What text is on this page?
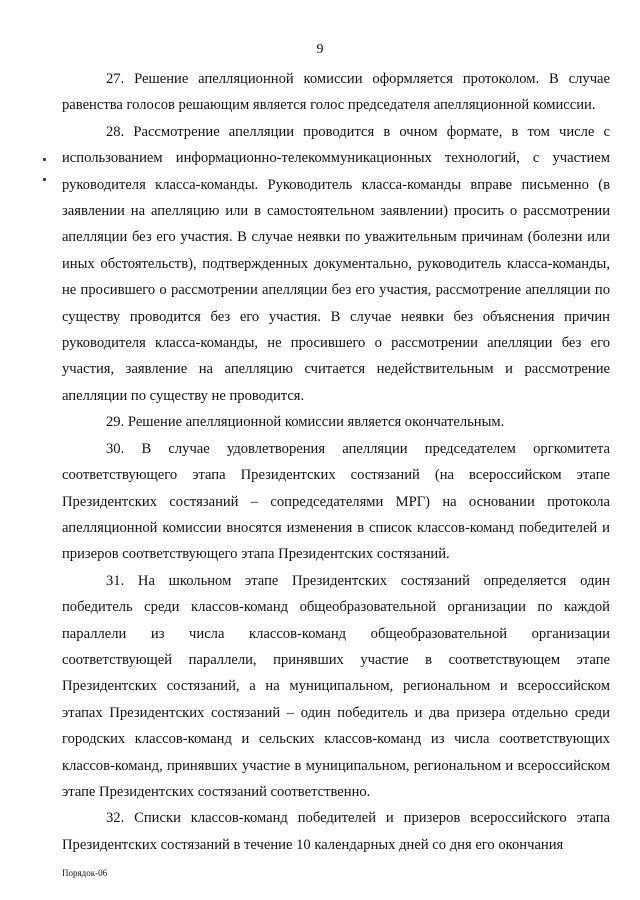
9

27. Решение апелляционной комиссии оформляется протоколом. В случае равенства голосов решающим является голос председателя апелляционной комиссии.

28. Рассмотрение апелляции проводится в очном формате, в том числе с использованием информационно-телекоммуникационных технологий, с участием руководителя класса-команды. Руководитель класса-команды вправе письменно (в заявлении на апелляцию или в самостоятельном заявлении) просить о рассмотрении апелляции без его участия. В случае неявки по уважительным причинам (болезни или иных обстоятельств), подтвержденных документально, руководитель класса-команды, не просившего о рассмотрении апелляции без его участия, рассмотрение апелляции по существу проводится без его участия. В случае неявки без объяснения причин руководителя класса-команды, не просившего о рассмотрении апелляции без его участия, заявление на апелляцию считается недействительным и рассмотрение апелляции по существу не проводится.

29. Решение апелляционной комиссии является окончательным.

30. В случае удовлетворения апелляции председателем оргкомитета соответствующего этапа Президентских состязаний (на всероссийском этапе Президентских состязаний – сопредседателями МРГ) на основании протокола апелляционной комиссии вносятся изменения в список классов-команд победителей и призеров соответствующего этапа Президентских состязаний.

31. На школьном этапе Президентских состязаний определяется один победитель среди классов-команд общеобразовательной организации по каждой параллели из числа классов-команд общеобразовательной организации соответствующей параллели, принявших участие в соответствующем этапе Президентских состязаний, а на муниципальном, региональном и всероссийском этапах Президентских состязаний – один победитель и два призера отдельно среди городских классов-команд и сельских классов-команд из числа соответствующих классов-команд, принявших участие в муниципальном, региональном и всероссийском этапе Президентских состязаний соответственно.

32. Списки классов-команд победителей и призеров всероссийского этапа Президентских состязаний в течение 10 календарных дней со дня его окончания

Порядок-06
